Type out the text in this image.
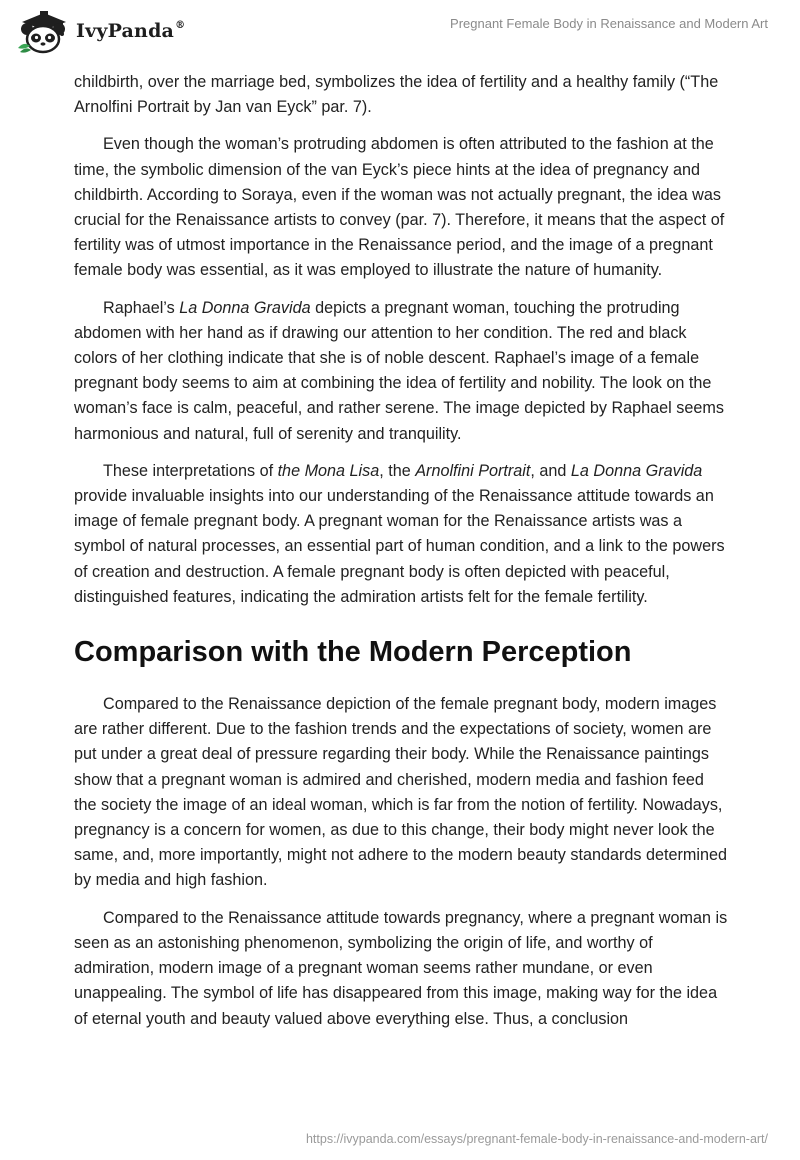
IvyPanda®	Pregnant Female Body in Renaissance and Modern Art

childbirth, over the marriage bed, symbolizes the idea of fertility and a healthy family (“The Arnolfini Portrait by Jan van Eyck” par. 7).

Even though the woman’s protruding abdomen is often attributed to the fashion at the time, the symbolic dimension of the van Eyck’s piece hints at the idea of pregnancy and childbirth. According to Soraya, even if the woman was not actually pregnant, the idea was crucial for the Renaissance artists to convey (par. 7). Therefore, it means that the aspect of fertility was of utmost importance in the Renaissance period, and the image of a pregnant female body was essential, as it was employed to illustrate the nature of humanity.

Raphael’s La Donna Gravida depicts a pregnant woman, touching the protruding abdomen with her hand as if drawing our attention to her condition. The red and black colors of her clothing indicate that she is of noble descent. Raphael’s image of a female pregnant body seems to aim at combining the idea of fertility and nobility. The look on the woman’s face is calm, peaceful, and rather serene. The image depicted by Raphael seems harmonious and natural, full of serenity and tranquility.

These interpretations of the Mona Lisa, the Arnolfini Portrait, and La Donna Gravida provide invaluable insights into our understanding of the Renaissance attitude towards an image of female pregnant body. A pregnant woman for the Renaissance artists was a symbol of natural processes, an essential part of human condition, and a link to the powers of creation and destruction. A female pregnant body is often depicted with peaceful, distinguished features, indicating the admiration artists felt for the female fertility.

Comparison with the Modern Perception

Compared to the Renaissance depiction of the female pregnant body, modern images are rather different. Due to the fashion trends and the expectations of society, women are put under a great deal of pressure regarding their body. While the Renaissance paintings show that a pregnant woman is admired and cherished, modern media and fashion feed the society the image of an ideal woman, which is far from the notion of fertility. Nowadays, pregnancy is a concern for women, as due to this change, their body might never look the same, and, more importantly, might not adhere to the modern beauty standards determined by media and high fashion.

Compared to the Renaissance attitude towards pregnancy, where a pregnant woman is seen as an astonishing phenomenon, symbolizing the origin of life, and worthy of admiration, modern image of a pregnant woman seems rather mundane, or even unappealing. The symbol of life has disappeared from this image, making way for the idea of eternal youth and beauty valued above everything else. Thus, a conclusion

https://ivypanda.com/essays/pregnant-female-body-in-renaissance-and-modern-art/
